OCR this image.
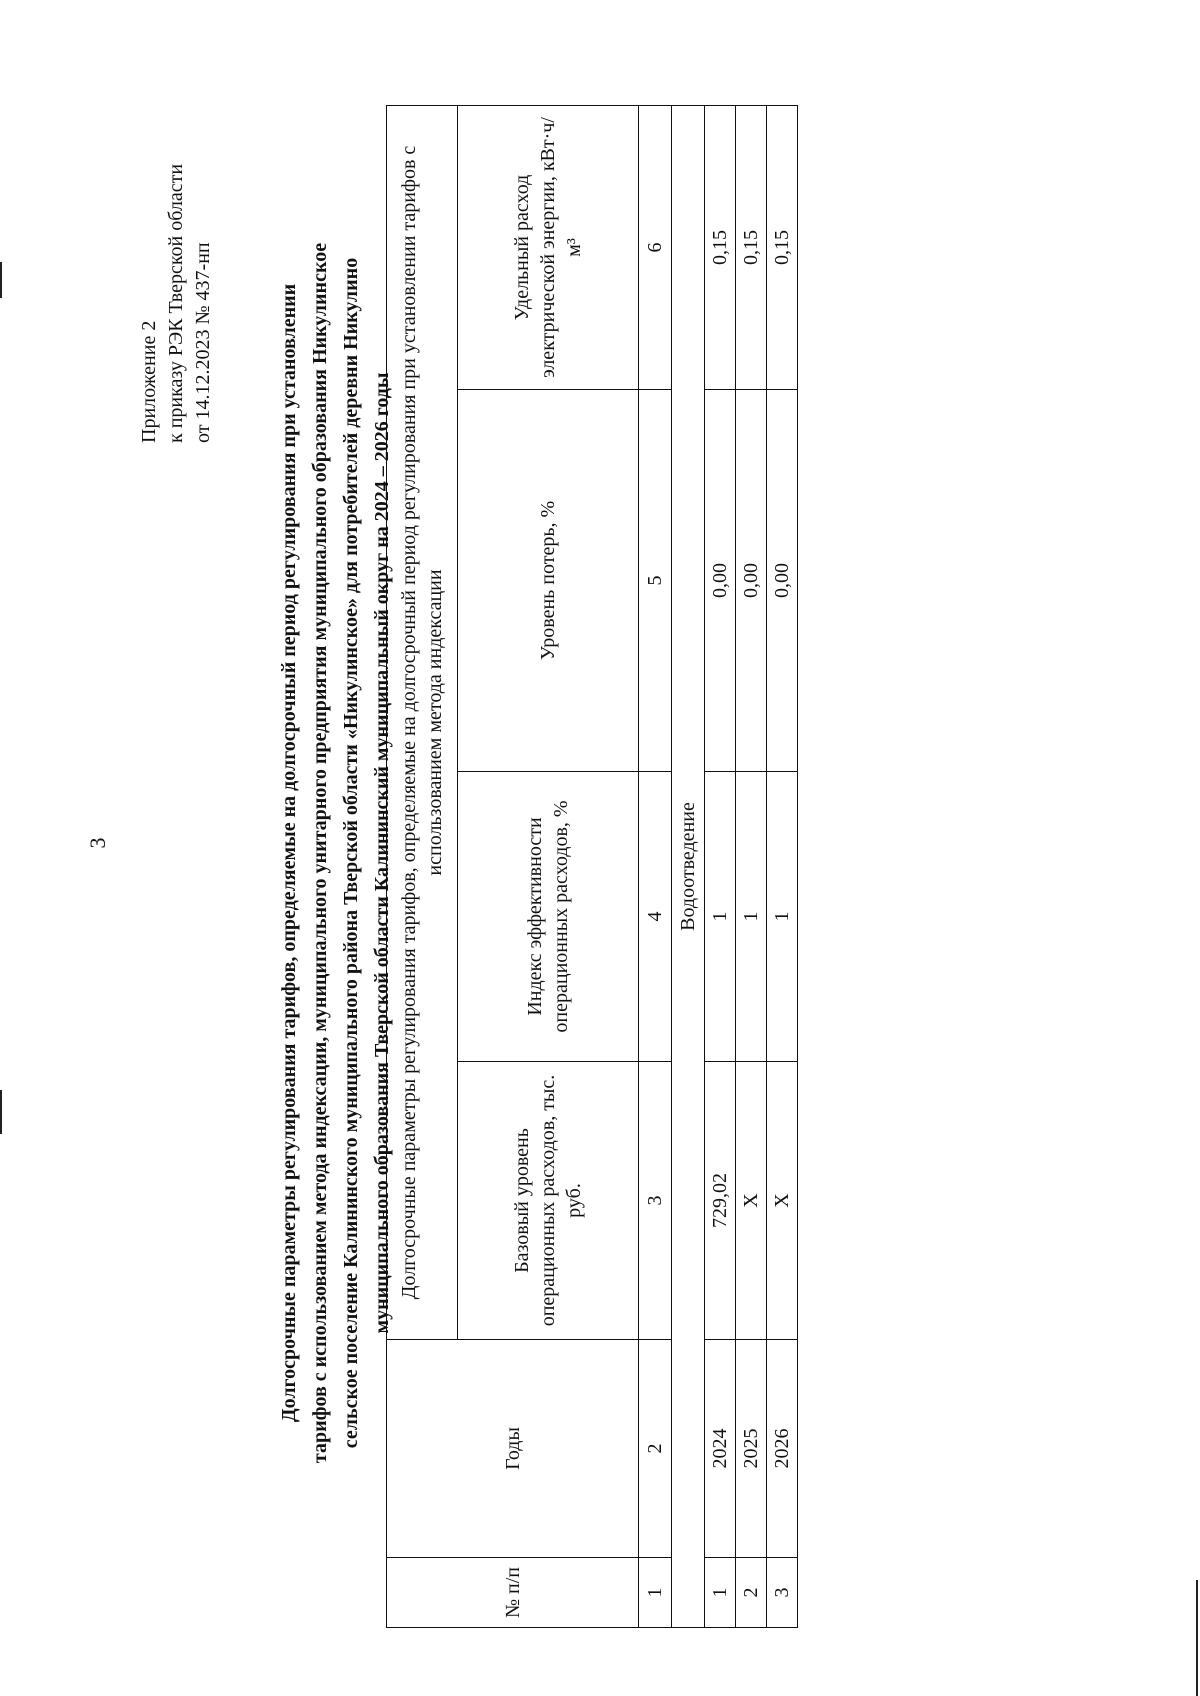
3
Приложение 2 к приказу РЭК Тверской области от 14.12.2023 № 437-нп	Долгосрочные параметры регулирования тарифов, определяемые на долгосрочный период регулирования при установлении тарифов с использованием метода индексации, муниципального унитарного предприятия муниципального образования Никулинское сельское поселение Калининского муниципального района Тверской области «Никулинское» для потребителей деревни Никулино муниципального образования Тверской области Калининский муниципальный округ на 2024 – 2026 годы
№ п/п	Годы	Долгосрочные параметры регулирования тарифов, определяемые на долгосрочный период регулирования при установлении тарифов с использованием метода индексации			
		Базовый уровень операционных расходов, тыс. руб.	Индекс эффективности операционных расходов, %	Уровень потерь, %	Удельный расход электрической энергии, кВт·ч/м³
1	2	3	4	5	6
Водоотведение					
1	2024	729,02	1	0,00	0,15
2	2025	X	1	0,00	0,15
3	2026	X	1	0,00	0,15
